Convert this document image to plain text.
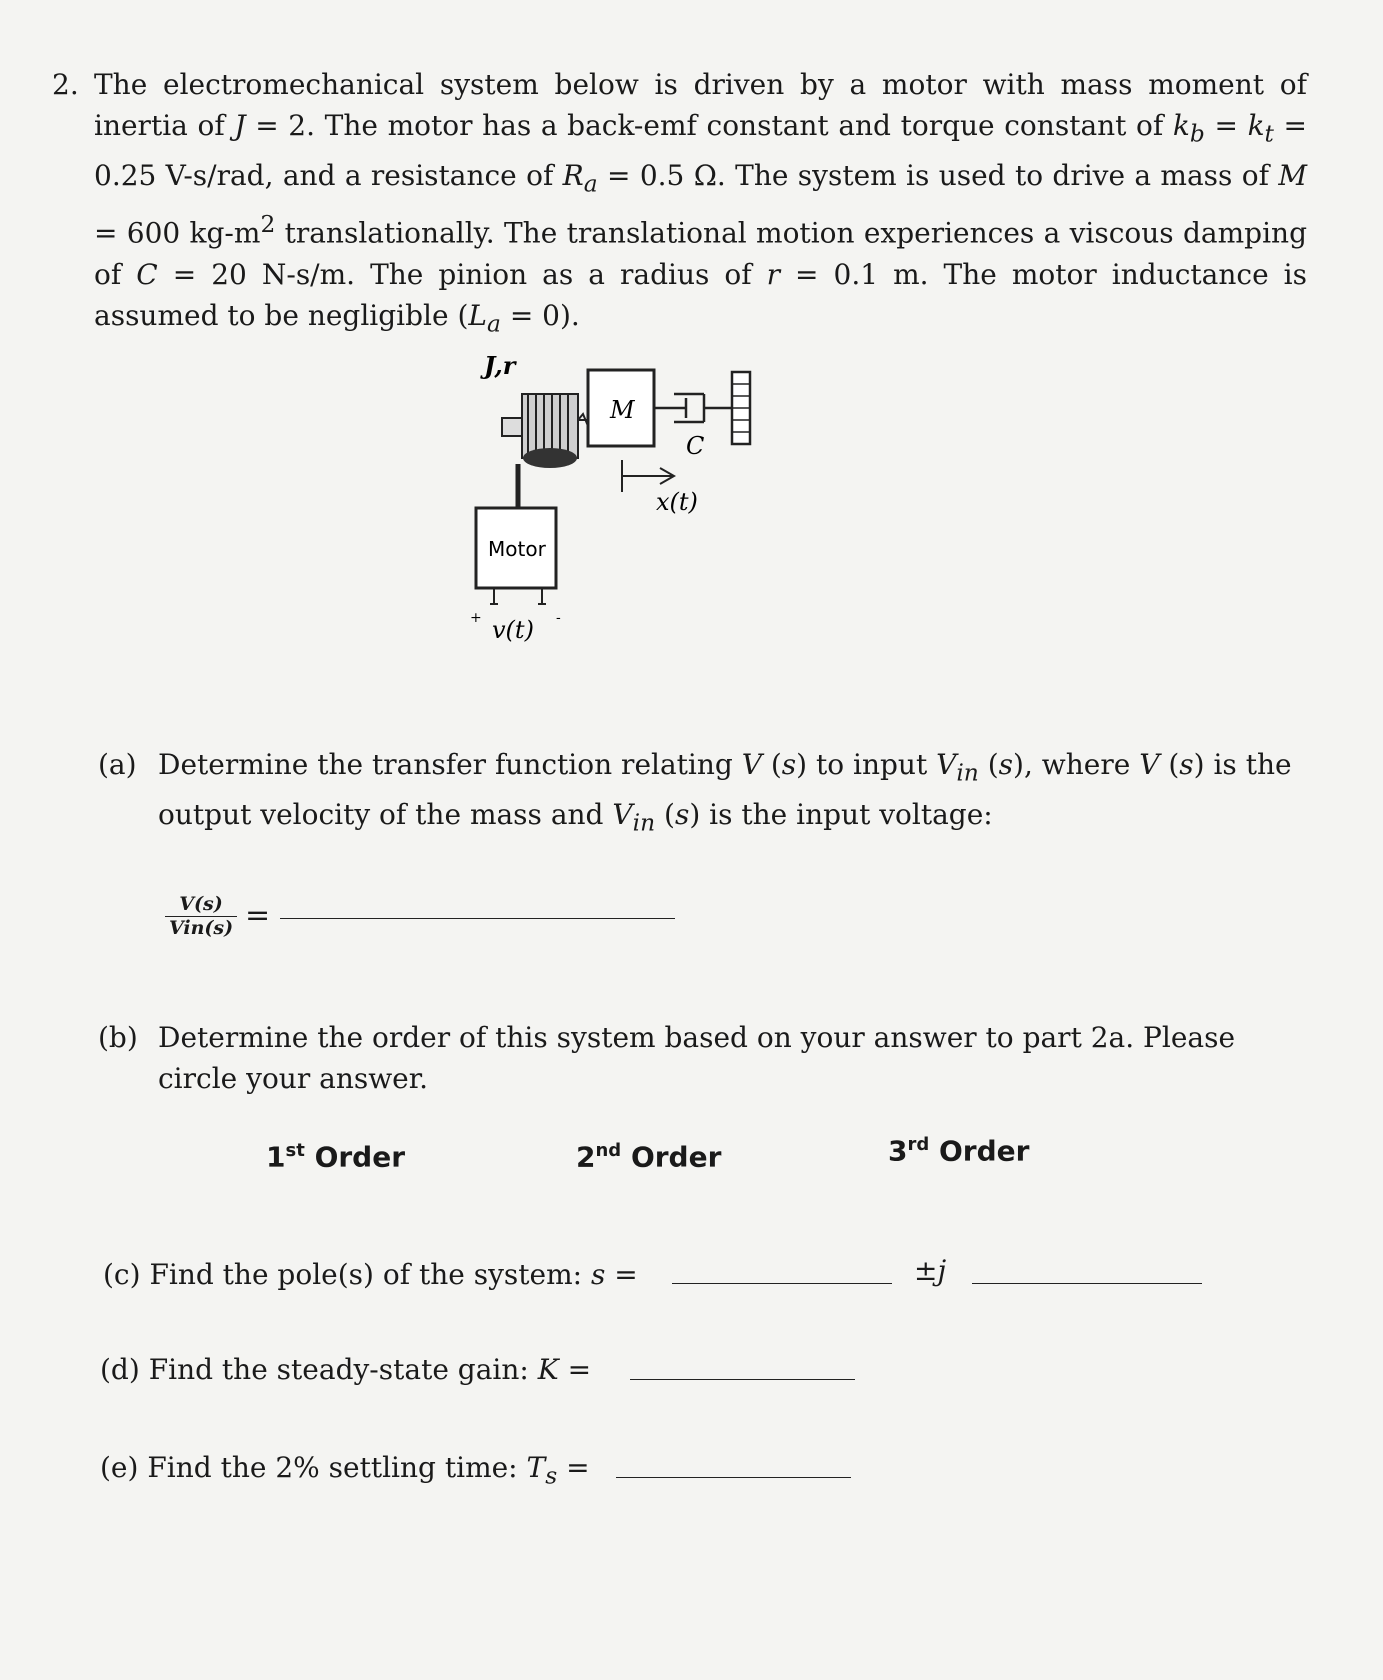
2. The electromechanical system below is driven by a motor with mass moment of inertia of J = 2. The motor has a back-emf constant and torque constant of $k_b = k_t = 0.25$ V-s/rad, and a resistance of $R_a = 0.5$ Ω. The system is used to drive a mass of M = 600 $kg-m^2$ translationally. The translational motion experiences a viscous damping of C = 20 N-s/m. The pinion as a radius of r = 0.1 m. The motor inductance is assumed to be negligible $(L_a = 0)$.
J,r
M
C
x(t)
Motor
+ v(t) -
(a) Determine the transfer function relating V (s) to input $V_{in}$ (s), where V (s) is the output velocity of the mass and $V_{in}$ (s) is the input voltage:
V(s)
Vin(s) =
(b) Determine the order of this system based on your answer to part 2a. Please circle your answer.
1st Order	2nd Order	3rd Order
(c) Find the pole(s) of the system: s =	±j
(d) Find the steady-state gain: K =
(e) Find the 2% settling time: $T_s$ =
